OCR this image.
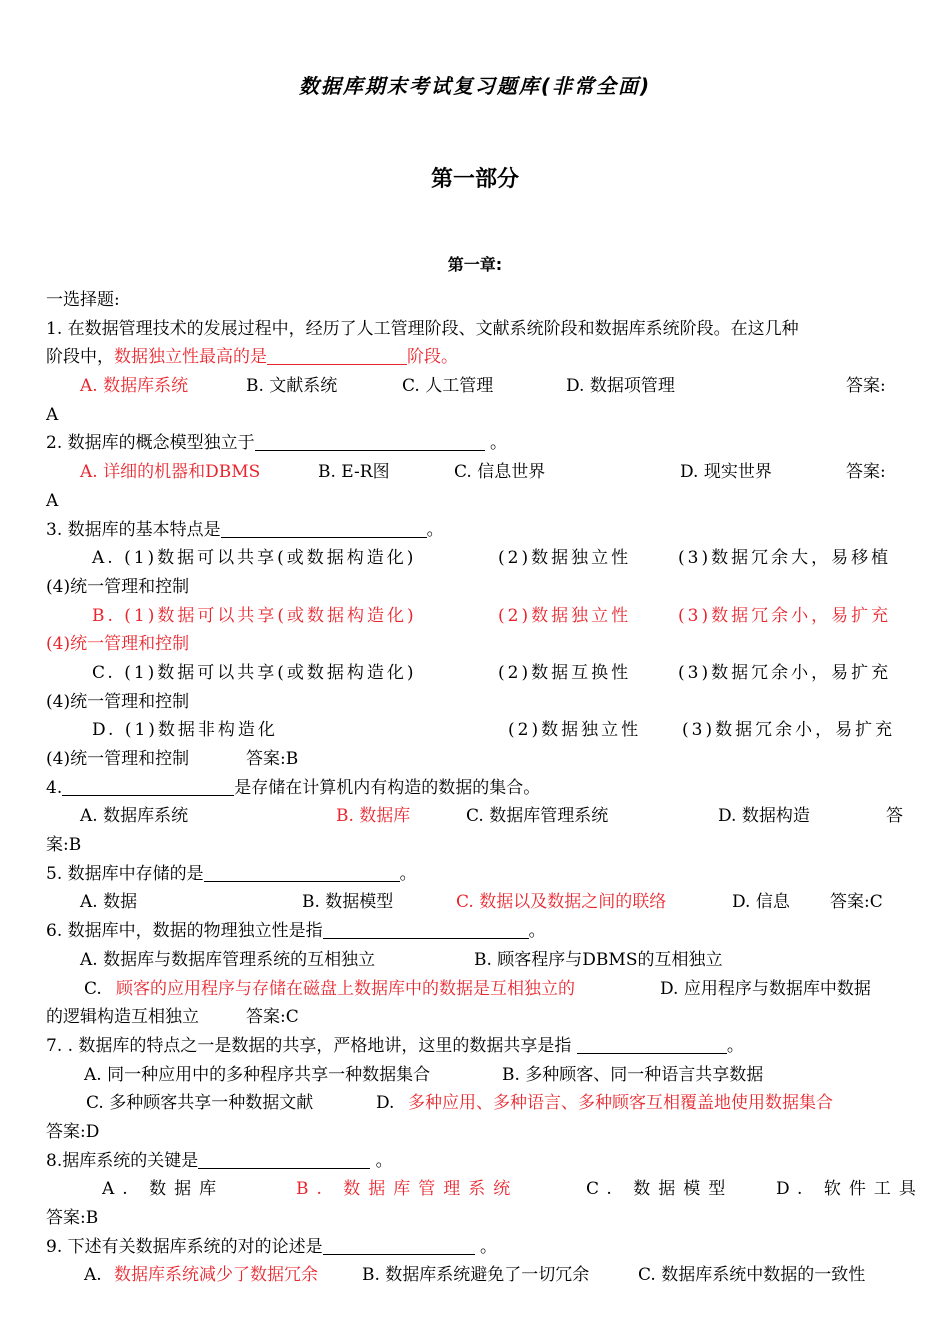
数据库期末考试复习题库(非常全面)
第一部分
第一章:
一选择题:
1. 在数据管理技术的发展过程中，经历了人工管理阶段、文献系统阶段和数据库系统阶段。在这几种
阶段中，数据独立性最高的是	阶段。
A. 数据库系统	B. 文献系统	C. 人工管理	D. 数据项管理	答案:
A
2. 数据库的概念模型独立于	。
A. 详细的机器和DBMS	B. E-R图	C. 信息世界	D. 现实世界	答案:
A
3. 数据库的基本特点是	。
A. (1)数据可以共享(或数据构造化)	(2)数据独立性	(3)数据冗余大，易移植
(4)统一管理和控制
B. (1)数据可以共享(或数据构造化)	(2)数据独立性	(3)数据冗余小，易扩充
(4)统一管理和控制
C. (1)数据可以共享(或数据构造化)	(2)数据互换性	(3)数据冗余小，易扩充
(4)统一管理和控制
D. (1)数据非构造化	(2)数据独立性 (3)数据冗余小，易扩充
(4)统一管理和控制	答案:B
4.	是存储在计算机内有构造的数据的集合。
A. 数据库系统	B. 数据库	C. 数据库管理系统	D. 数据构造	答
案:B
5. 数据库中存储的是	。
A. 数据	B. 数据模型	C. 数据以及数据之间的联络	D. 信息 答案:C
6. 数据库中，数据的物理独立性是指	。
A. 数据库与数据库管理系统的互相独立	B. 顾客程序与DBMS的互相独立
C. 顾客的应用程序与存储在磁盘上数据库中的数据是互相独立的	D. 应用程序与数据库中数据
的逻辑构造互相独立	答案:C
7. . 数据库的特点之一是数据的共享，严格地讲，这里的数据共享是指	。
A. 同一种应用中的多种程序共享一种数据集合	B. 多种顾客、同一种语言共享数据
C. 多种顾客共享一种数据文献	D. 多种应用、多种语言、多种顾客互相覆盖地使用数据集合
答案:D
8.据库系统的关键是	。
A. 数据库	B. 数据库管理系统	C. 数据模型	D. 软件工具
答案:B
9. 下述有关数据库系统的对的论述是	。
A. 数据库系统减少了数据冗余	B. 数据库系统避免了一切冗余	C. 数据库系统中数据的一致性
